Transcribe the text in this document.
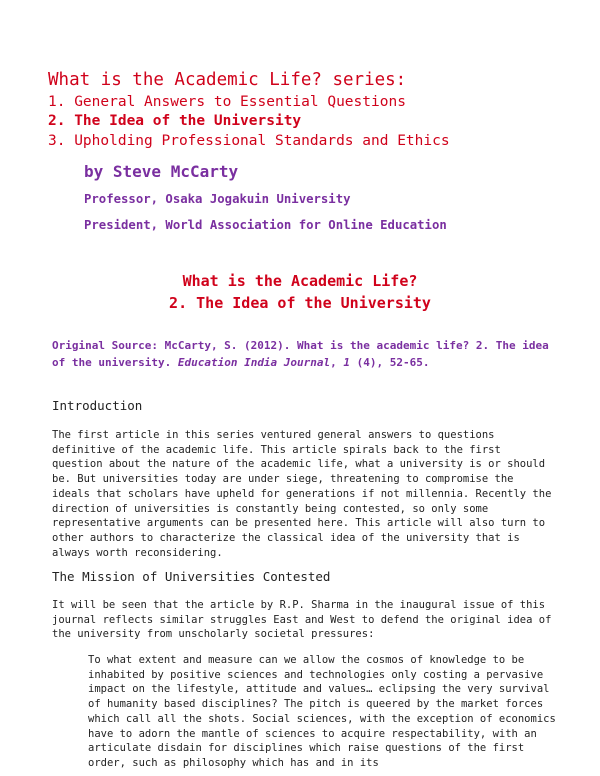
What is the Academic Life? series:
1. General Answers to Essential Questions
2. The Idea of the University
3. Upholding Professional Standards and Ethics
by Steve McCarty
Professor, Osaka Jogakuin University
President, World Association for Online Education
What is the Academic Life?
2. The Idea of the University
Original Source: McCarty, S. (2012). What is the academic life? 2. The idea of the university. Education India Journal, 1 (4), 52-65.
Introduction
The first article in this series ventured general answers to questions definitive of the academic life. This article spirals back to the first question about the nature of the academic life, what a university is or should be. But universities today are under siege, threatening to compromise the ideals that scholars have upheld for generations if not millennia. Recently the direction of universities is constantly being contested, so only some representative arguments can be presented here. This article will also turn to other authors to characterize the classical idea of the university that is always worth reconsidering.
The Mission of Universities Contested
It will be seen that the article by R.P. Sharma in the inaugural issue of this journal reflects similar struggles East and West to defend the original idea of the university from unscholarly societal pressures:
To what extent and measure can we allow the cosmos of knowledge to be inhabited by positive sciences and technologies only costing a pervasive impact on the lifestyle, attitude and values… eclipsing the very survival of humanity based disciplines? The pitch is queered by the market forces which call all the shots. Social sciences, with the exception of economics have to adorn the mantle of sciences to acquire respectability, with an articulate disdain for disciplines which raise questions of the first order, such as philosophy which has and in its
